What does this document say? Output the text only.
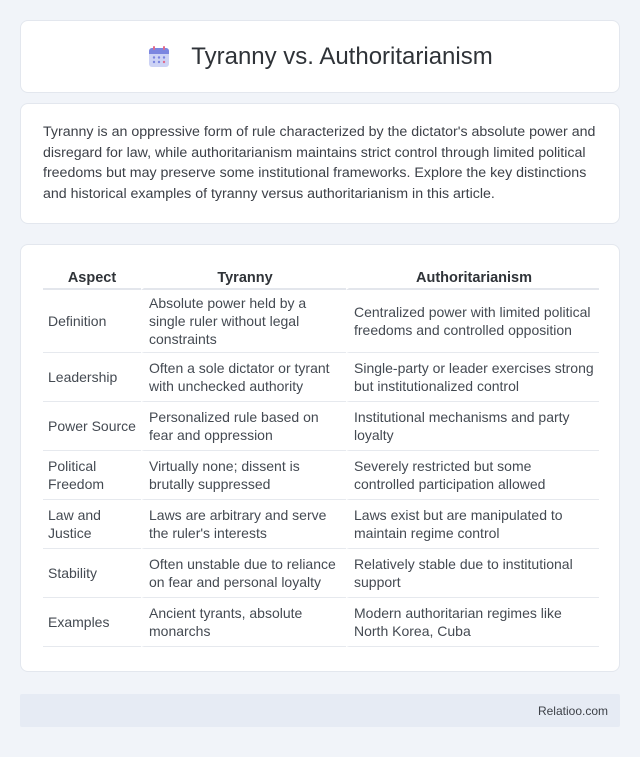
Tyranny vs. Authoritarianism

Tyranny is an oppressive form of rule characterized by the dictator's absolute power and disregard for law, while authoritarianism maintains strict control through limited political freedoms but may preserve some institutional frameworks. Explore the key distinctions and historical examples of tyranny versus authoritarianism in this article.

Aspect	Tyranny	Authoritarianism
Definition	Absolute power held by a single ruler without legal constraints	Centralized power with limited political freedoms and controlled opposition
Leadership	Often a sole dictator or tyrant with unchecked authority	Single-party or leader exercises strong but institutionalized control
Power Source	Personalized rule based on fear and oppression	Institutional mechanisms and party loyalty
Political Freedom	Virtually none; dissent is brutally suppressed	Severely restricted but some controlled participation allowed
Law and Justice	Laws are arbitrary and serve the ruler's interests	Laws exist but are manipulated to maintain regime control
Stability	Often unstable due to reliance on fear and personal loyalty	Relatively stable due to institutional support
Examples	Ancient tyrants, absolute monarchs	Modern authoritarian regimes like North Korea, Cuba
Relatioo.com
